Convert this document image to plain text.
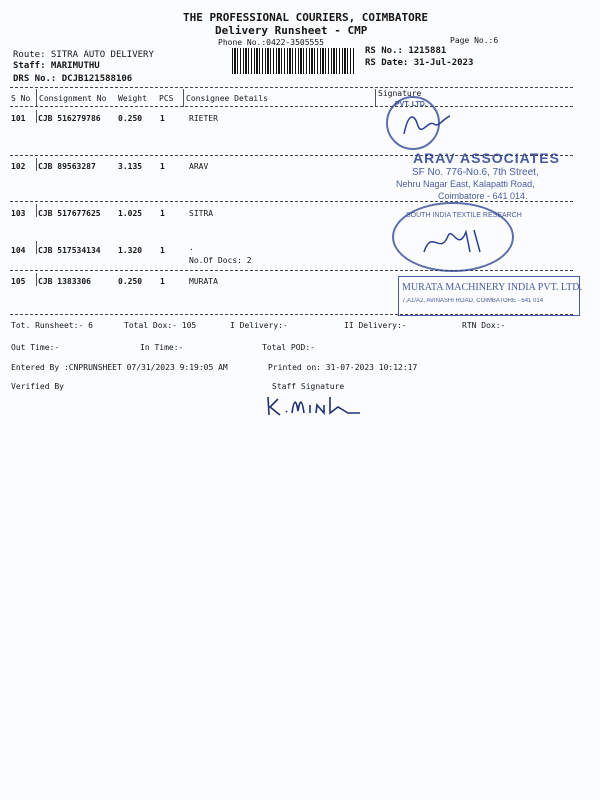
THE PROFESSIONAL COURIERS, COIMBATORE
Delivery Runsheet - CMP
Phone No.:0422-3505555	Page No.:6
Route: SITRA AUTO DELIVERY
Staff: MARIMUTHU
DRS No.: DCJB121588106
RS No.: 1215881
RS Date: 31-Jul-2023
S No Consignment No Weight PCS Consignee Details
Signature
101 CJB 516279786 0.250 1	RIETER
102 CJB 89563287	3.135 1	ARAV
103 CJB 517677625 1.025 1	SITRA
104 CJB 517534134 1.320 1	.
No.Of Docs: 2
105 CJB 1383306	0.250 1	MURATA
Tot. Runsheet:- 6	Total Dox:- 105	I Delivery:-	II Delivery:-	RTN Dox:-
Out Time:-	In Time:-	Total POD:-
Entered By :CNPRUNSHEET 07/31/2023 9:19:05 AM	Printed on: 31-07-2023 10:12:17
Verified By	Staff Signature
PVT. LTD.
ARAV ASSOCIATES
SF No. 776-No.6, 7th Street,
Nehru Nagar East, Kalapatti Road,
Coimbatore - 641 014.
SOUTH INDIA TEXTILE RESEARCH
MURATA MACHINERY INDIA PVT. LTD.
7,A1/A2, AVINASHI ROAD, COIMBATORE - 641 014
